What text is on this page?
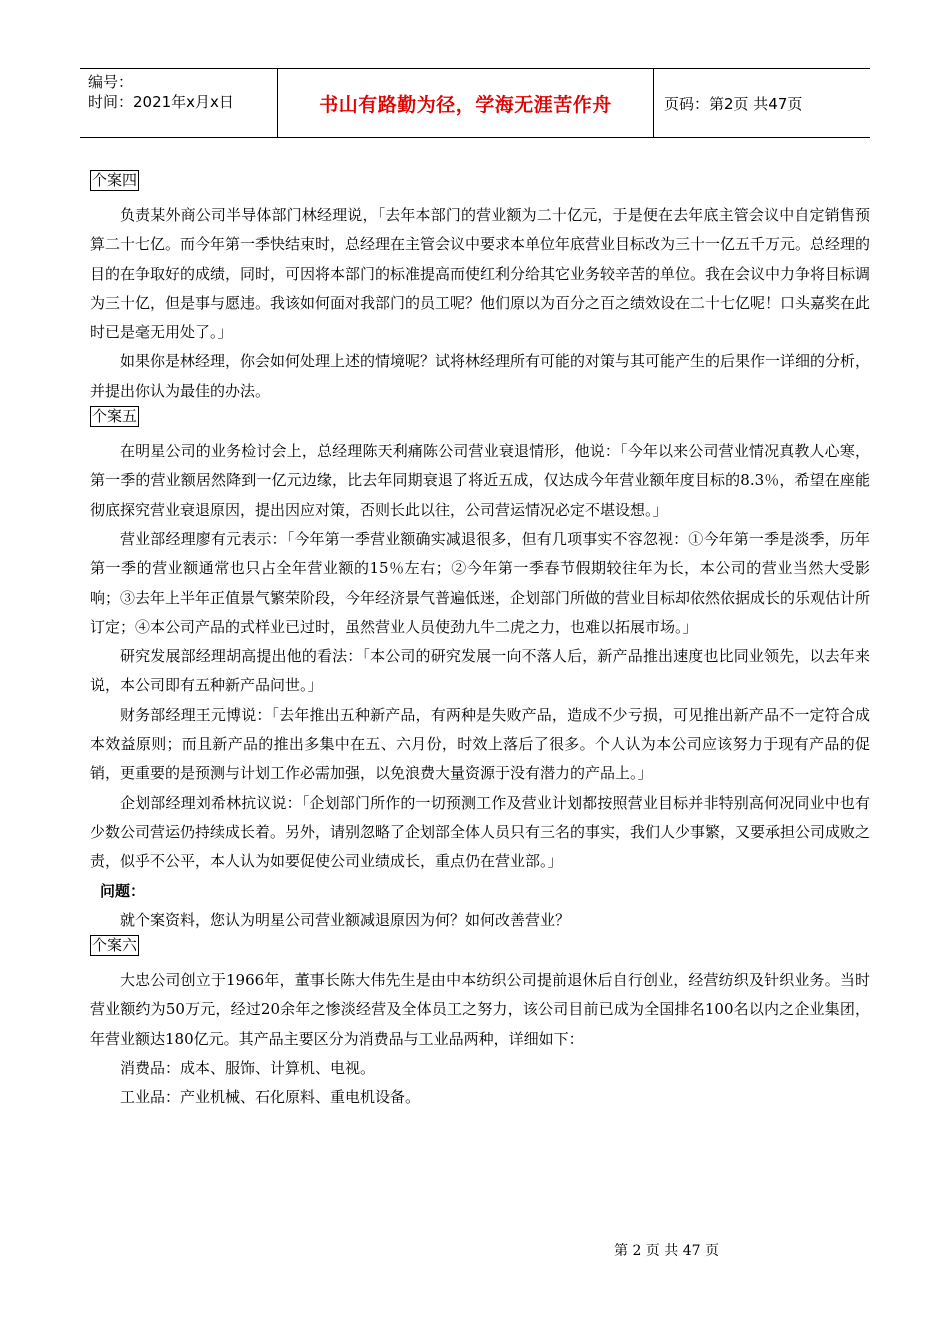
编号：
时间：2021年x月x日	书山有路勤为径，学海无涯苦作舟	页码：第2页 共47页
个案四

负责某外商公司半导体部门林经理说，「去年本部门的营业额为二十亿元，于是便在去年底主管会议中自定销售预算二十七亿。而今年第一季快结束时，总经理在主管会议中要求本单位年底营业目标改为三十一亿五千万元。总经理的目的在争取好的成绩，同时，可因将本部门的标准提高而使红利分给其它业务较辛苦的单位。我在会议中力争将目标调为三十亿，但是事与愿违。我该如何面对我部门的员工呢？他们原以为百分之百之绩效设在二十七亿呢！口头嘉奖在此时已是毫无用处了。」

如果你是林经理，你会如何处理上述的情境呢？试将林经理所有可能的对策与其可能产生的后果作一详细的分析，并提出你认为最佳的办法。

个案五

在明星公司的业务检讨会上，总经理陈天利痛陈公司营业衰退情形，他说：「今年以来公司营业情况真教人心寒，第一季的营业额居然降到一亿元边缘，比去年同期衰退了将近五成，仅达成今年营业额年度目标的8.3％，希望在座能彻底探究营业衰退原因，提出因应对策，否则长此以往，公司营运情况必定不堪设想。」

营业部经理廖有元表示：「今年第一季营业额确实减退很多，但有几项事实不容忽视：①今年第一季是淡季，历年第一季的营业额通常也只占全年营业额的15％左右；②今年第一季春节假期较往年为长，本公司的营业当然大受影响；③去年上半年正值景气繁荣阶段，今年经济景气普遍低迷，企划部门所做的营业目标却依然依据成长的乐观估计所订定；④本公司产品的式样业已过时，虽然营业人员使劲九牛二虎之力，也难以拓展市场。」

研究发展部经理胡高提出他的看法：「本公司的研究发展一向不落人后，新产品推出速度也比同业领先，以去年来说，本公司即有五种新产品问世。」

财务部经理王元博说：「去年推出五种新产品，有两种是失败产品，造成不少亏损，可见推出新产品不一定符合成本效益原则；而且新产品的推出多集中在五、六月份，时效上落后了很多。个人认为本公司应该努力于现有产品的促销，更重要的是预测与计划工作必需加强，以免浪费大量资源于没有潜力的产品上。」

企划部经理刘希林抗议说：「企划部门所作的一切预测工作及营业计划都按照营业目标并非特别高何况同业中也有少数公司营运仍持续成长着。另外，请别忽略了企划部全体人员只有三名的事实，我们人少事繁，又要承担公司成败之责，似乎不公平，本人认为如要促使公司业绩成长，重点仍在营业部。」

问题：

就个案资料，您认为明星公司营业额减退原因为何？如何改善营业？

个案六

大忠公司创立于1966年，董事长陈大伟先生是由中本纺织公司提前退休后自行创业，经营纺织及针织业务。当时营业额约为50万元，经过20余年之惨淡经营及全体员工之努力，该公司目前已成为全国排名100名以内之企业集团，年营业额达180亿元。其产品主要区分为消费品与工业品两种，详细如下：

消费品：成本、服饰、计算机、电视。

工业品：产业机械、石化原料、重电机设备。

第 2 页 共 47 页
